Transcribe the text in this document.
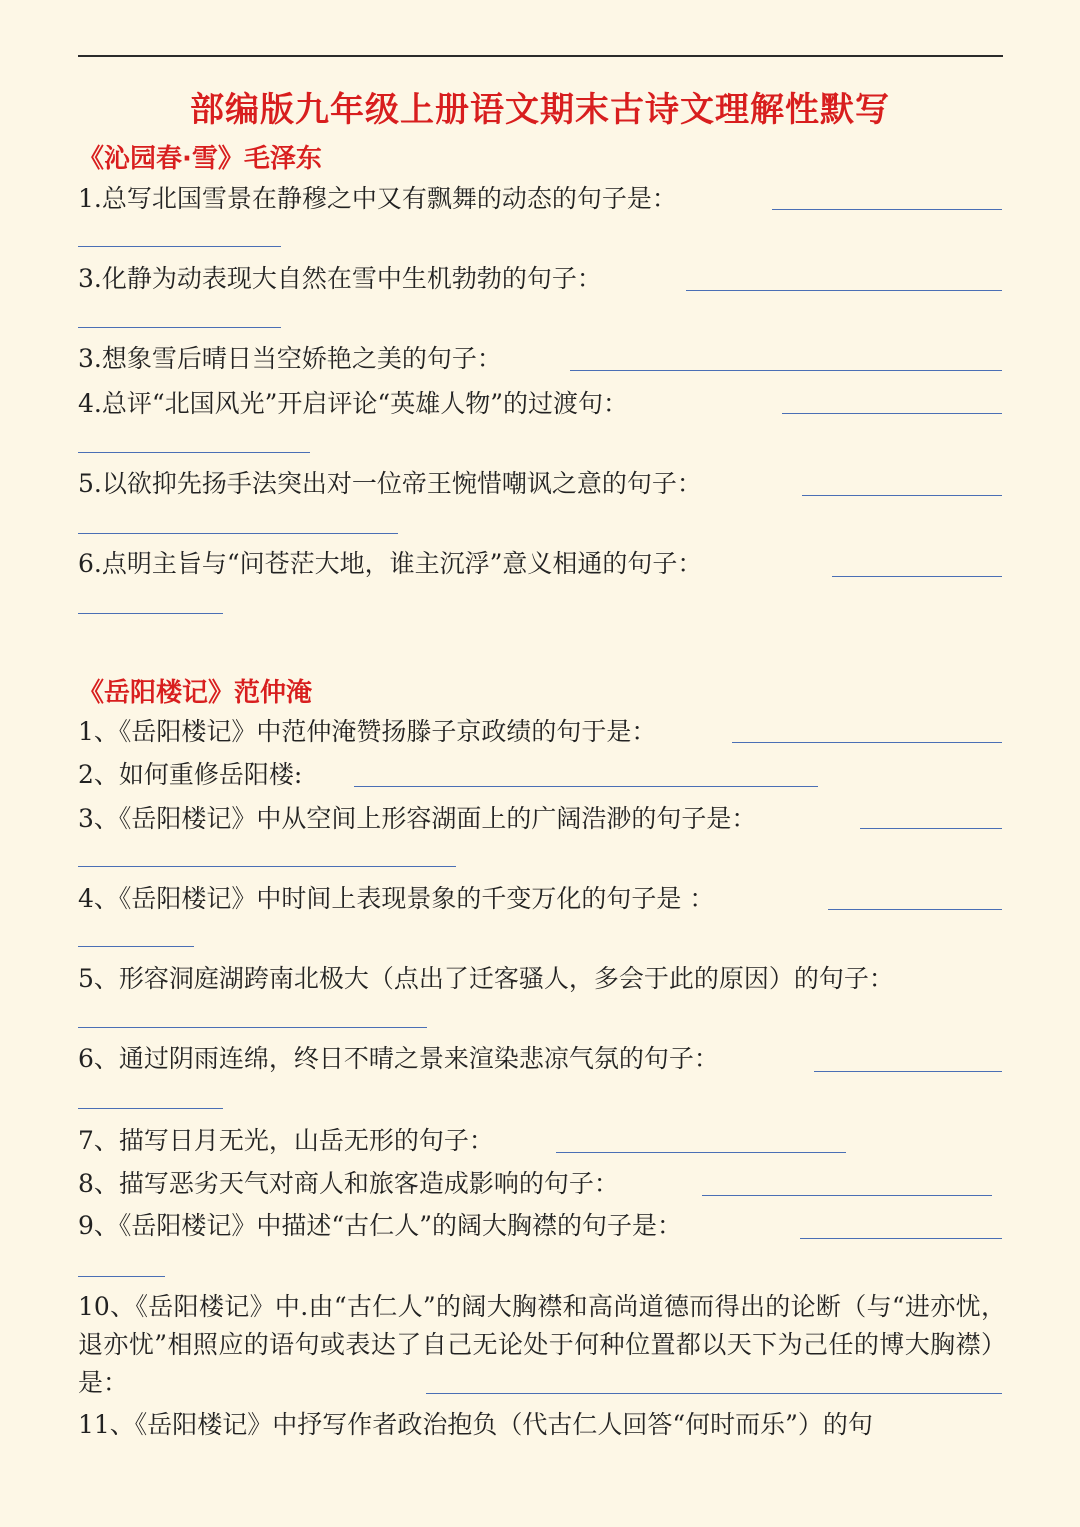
部编版九年级上册语文期末古诗文理解性默写
《沁园春·雪》毛泽东

1.总写北国雪景在静穆之中又有飘舞的动态的句子是：

3.化静为动表现大自然在雪中生机勃勃的句子：

3.想象雪后晴日当空娇艳之美的句子：

4.总评“北国风光”开启评论“英雄人物”的过渡句：

5.以欲抑先扬手法突出对一位帝王惋惜嘲讽之意的句子：

6.点明主旨与“问苍茫大地，谁主沉浮”意义相通的句子：

《岳阳楼记》范仲淹

1、《岳阳楼记》中范仲淹赞扬滕子京政绩的句于是：

2、如何重修岳阳楼:

3、《岳阳楼记》中从空间上形容湖面上的广阔浩渺的句子是：

4、《岳阳楼记》中时间上表现景象的千变万化的句子是 ：

5、形容洞庭湖跨南北极大（点出了迁客骚人，多会于此的原因）的句子：

6、通过阴雨连绵，终日不晴之景来渲染悲凉气氛的句子：

7、描写日月无光，山岳无形的句子：

8、描写恶劣天气对商人和旅客造成影响的句子：

9、《岳阳楼记》中描述“古仁人”的阔大胸襟的句子是：

10、《岳阳楼记》中.由“古仁人”的阔大胸襟和高尚道德而得出的论断（与“进亦忧，退亦忧”相照应的语句或表达了自己无论处于何种位置都以天下为己任的博大胸襟）是：

11、《岳阳楼记》中抒写作者政治抱负（代古仁人回答“何时而乐”）的句
